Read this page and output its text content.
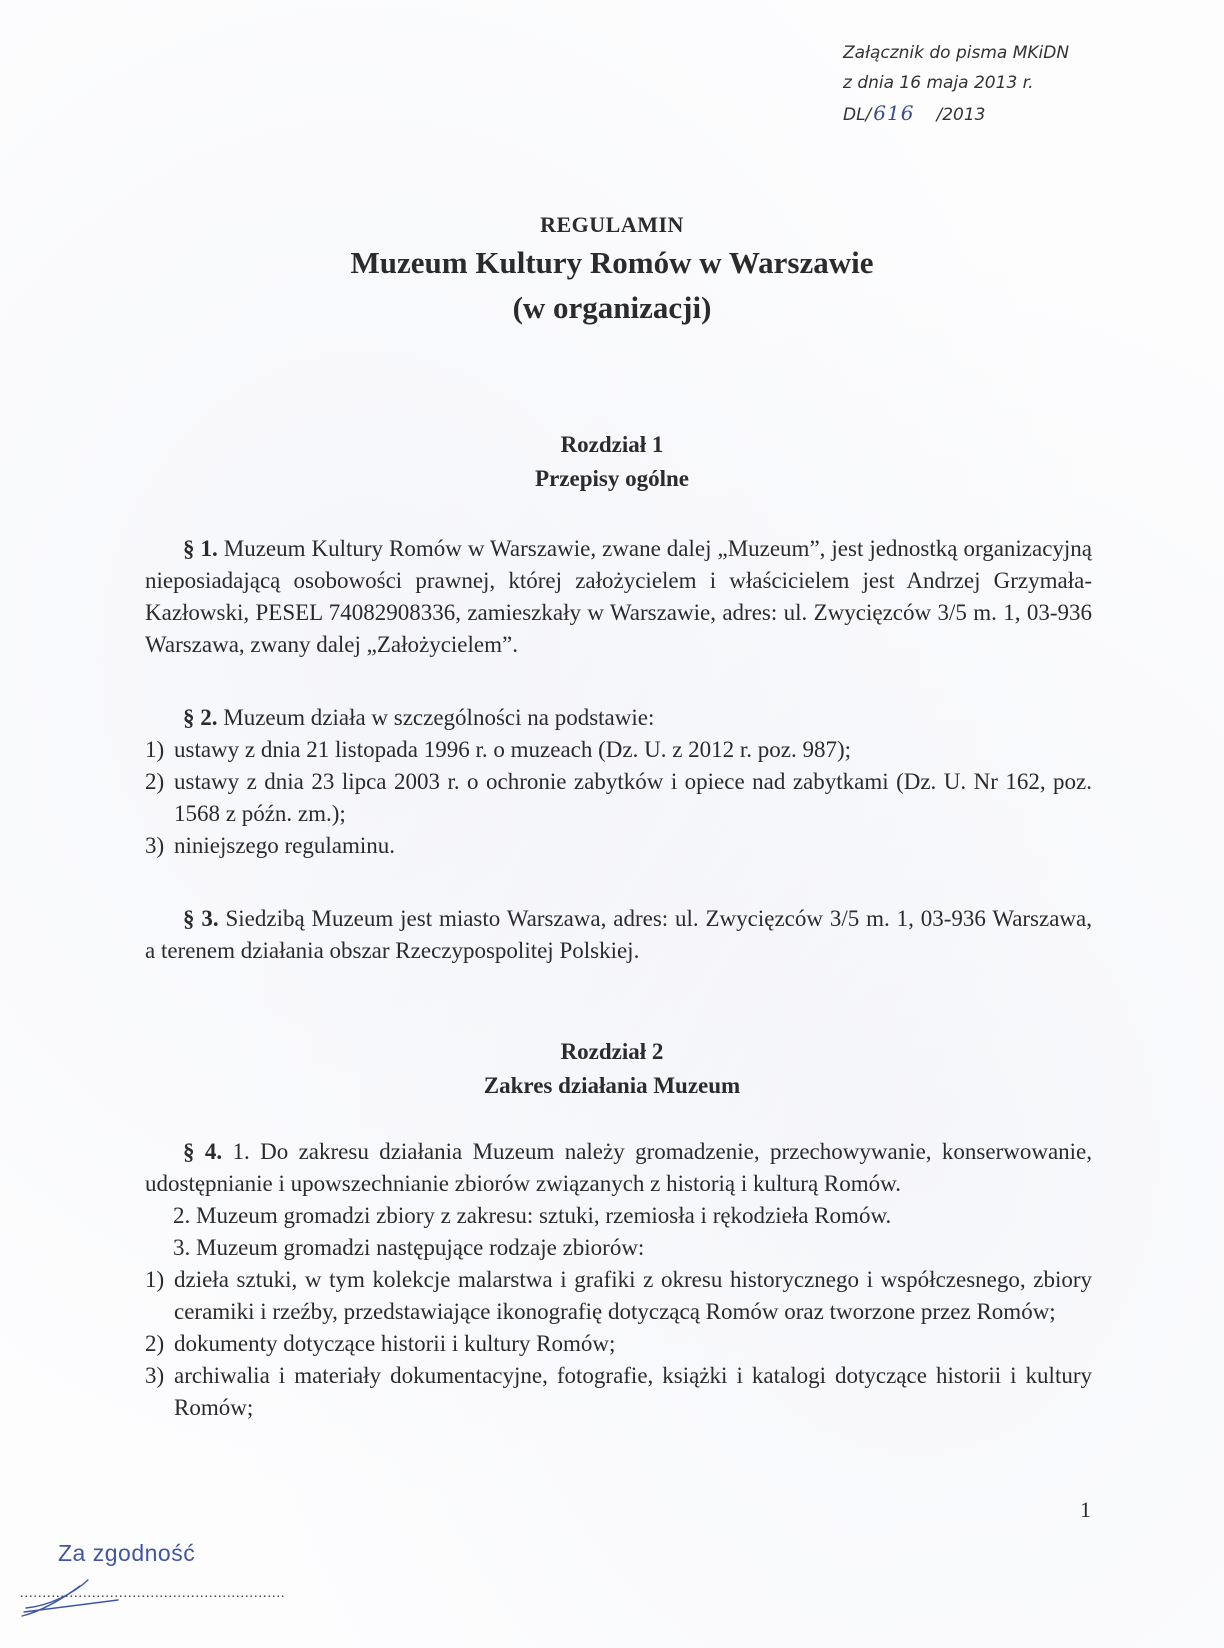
Załącznik do pisma MKiDN
z dnia 16 maja 2013 r.
DL/ 616 /2013
REGULAMIN
Muzeum Kultury Romów w Warszawie
(w organizacji)
Rozdział 1
Przepisy ogólne
§ 1. Muzeum Kultury Romów w Warszawie, zwane dalej „Muzeum”, jest jednostką organizacyjną nieposiadającą osobowości prawnej, której założycielem i właścicielem jest Andrzej Grzymała-Kazłowski, PESEL 74082908336, zamieszkały w Warszawie, adres: ul. Zwycięzców 3/5 m. 1, 03-936 Warszawa, zwany dalej „Założycielem”.
§ 2. Muzeum działa w szczególności na podstawie:
1) ustawy z dnia 21 listopada 1996 r. o muzeach (Dz. U. z 2012 r. poz. 987);
2) ustawy z dnia 23 lipca 2003 r. o ochronie zabytków i opiece nad zabytkami (Dz. U. Nr 162, poz. 1568 z późn. zm.);
3) niniejszego regulaminu.
§ 3. Siedzibą Muzeum jest miasto Warszawa, adres: ul. Zwycięzców 3/5 m. 1, 03-936 Warszawa, a terenem działania obszar Rzeczypospolitej Polskiej.
Rozdział 2
Zakres działania Muzeum
§ 4. 1. Do zakresu działania Muzeum należy gromadzenie, przechowywanie, konserwowanie, udostępnianie i upowszechnianie zbiorów związanych z historią i kulturą Romów.
2. Muzeum gromadzi zbiory z zakresu: sztuki, rzemiosła i rękodzieła Romów.
3. Muzeum gromadzi następujące rodzaje zbiorów:
1) dzieła sztuki, w tym kolekcje malarstwa i grafiki z okresu historycznego i współczesnego, zbiory ceramiki i rzeźby, przedstawiające ikonografię dotyczącą Romów oraz tworzone przez Romów;
2) dokumenty dotyczące historii i kultury Romów;
3) archiwalia i materiały dokumentacyjne, fotografie, książki i katalogi dotyczące historii i kultury Romów;
1
Za zgodność
...........................................................
